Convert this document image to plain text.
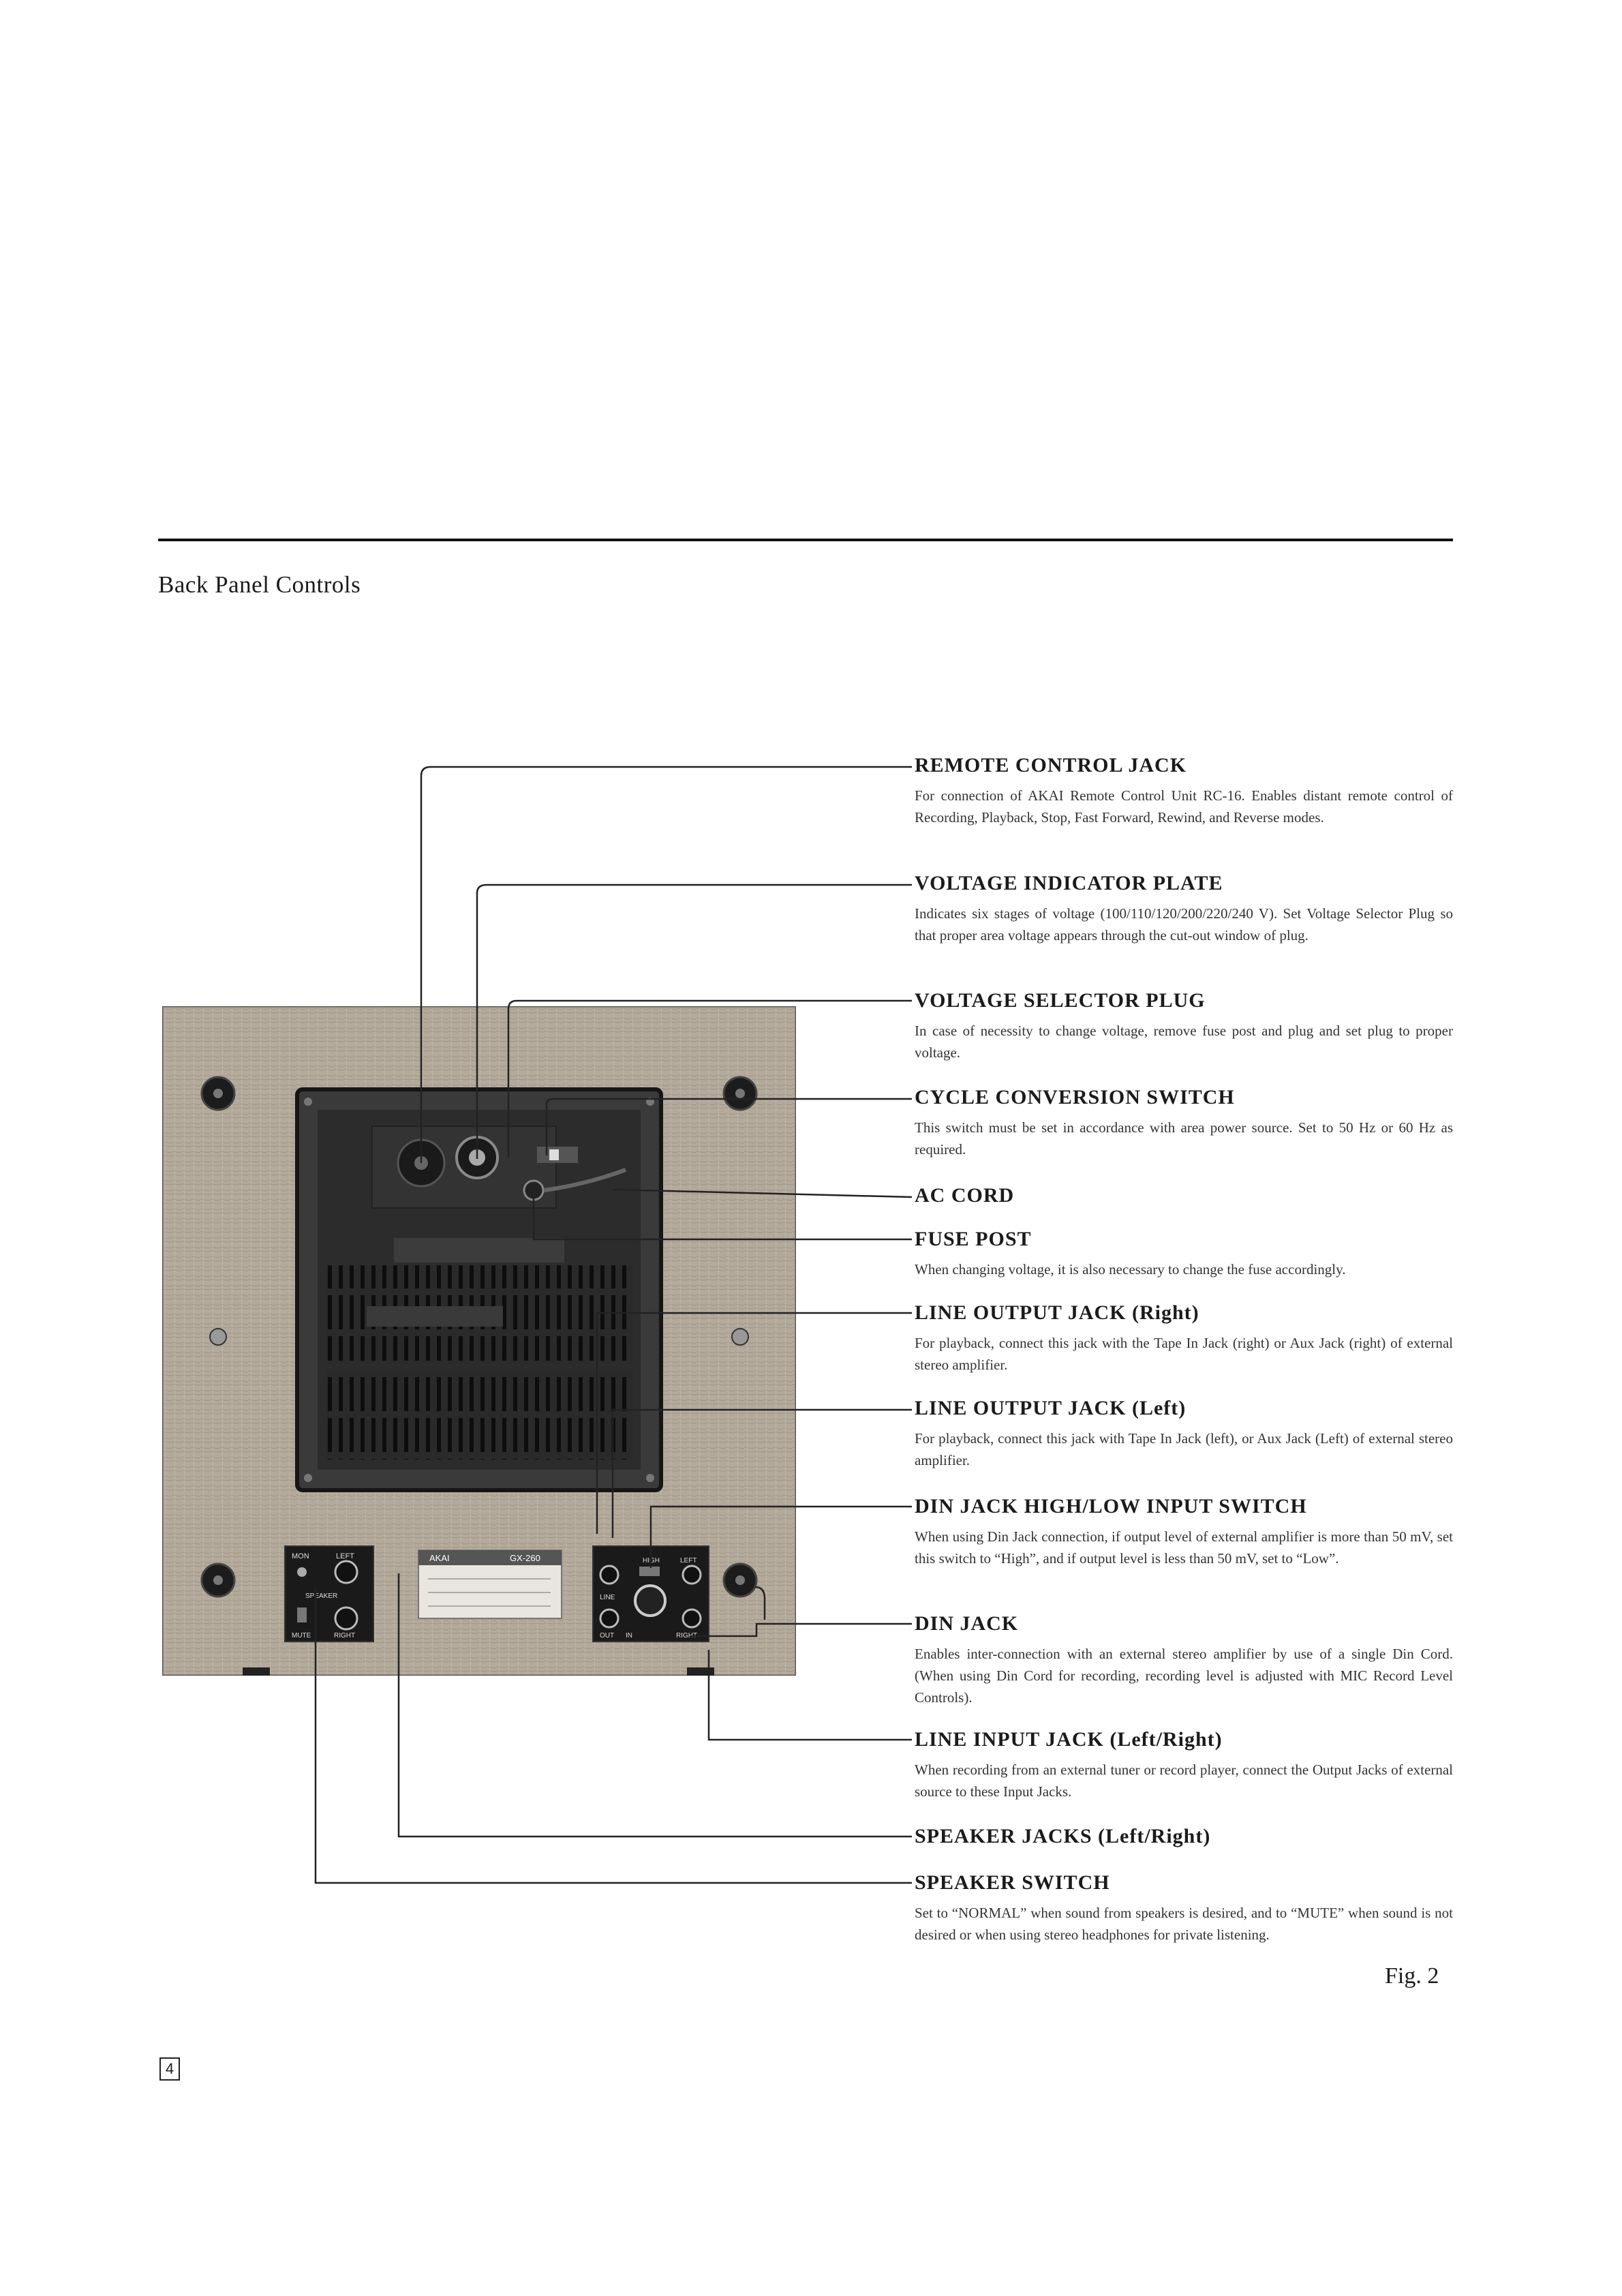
Back Panel Controls
MON	LEFT
SPEAKER
MUTE	RIGHT
AKAI	GX-260	HIGH	LEFT
LINE
RIGHT
OUT IN
REMOTE CONTROL JACK

For connection of AKAI Remote Control Unit RC-16. Enables distant remote control of Recording, Playback, Stop, Fast Forward, Rewind, and Reverse modes.

VOLTAGE INDICATOR PLATE

Indicates six stages of voltage (100/110/120/200/220/240 V). Set Voltage Selector Plug so that proper area voltage appears through the cut-out window of plug.

VOLTAGE SELECTOR PLUG

In case of necessity to change voltage, remove fuse post and plug and set plug to proper voltage.

CYCLE CONVERSION SWITCH

This switch must be set in accordance with area power source. Set to 50 Hz or 60 Hz as required.

AC CORD
FUSE POST

When changing voltage, it is also necessary to change the fuse accordingly.

LINE OUTPUT JACK (Right)

For playback, connect this jack with the Tape In Jack (right) or Aux Jack (right) of external stereo amplifier.

LINE OUTPUT JACK (Left)

For playback, connect this jack with Tape In Jack (left), or Aux Jack (Left) of external stereo amplifier.

DIN JACK HIGH/LOW INPUT SWITCH

When using Din Jack connection, if output level of external amplifier is more than 50 mV, set this switch to “High”, and if output level is less than 50 mV, set to “Low”.

DIN JACK

Enables inter-connection with an external stereo amplifier by use of a single Din Cord. (When using Din Cord for recording, recording level is adjusted with MIC Record Level Controls).

LINE INPUT JACK (Left/Right)

When recording from an external tuner or record player, connect the Output Jacks of external source to these Input Jacks.

SPEAKER JACKS (Left/Right)
SPEAKER SWITCH

Set to “NORMAL” when sound from speakers is desired, and to “MUTE” when sound is not desired or when using stereo headphones for private listening.

Fig. 2
4
